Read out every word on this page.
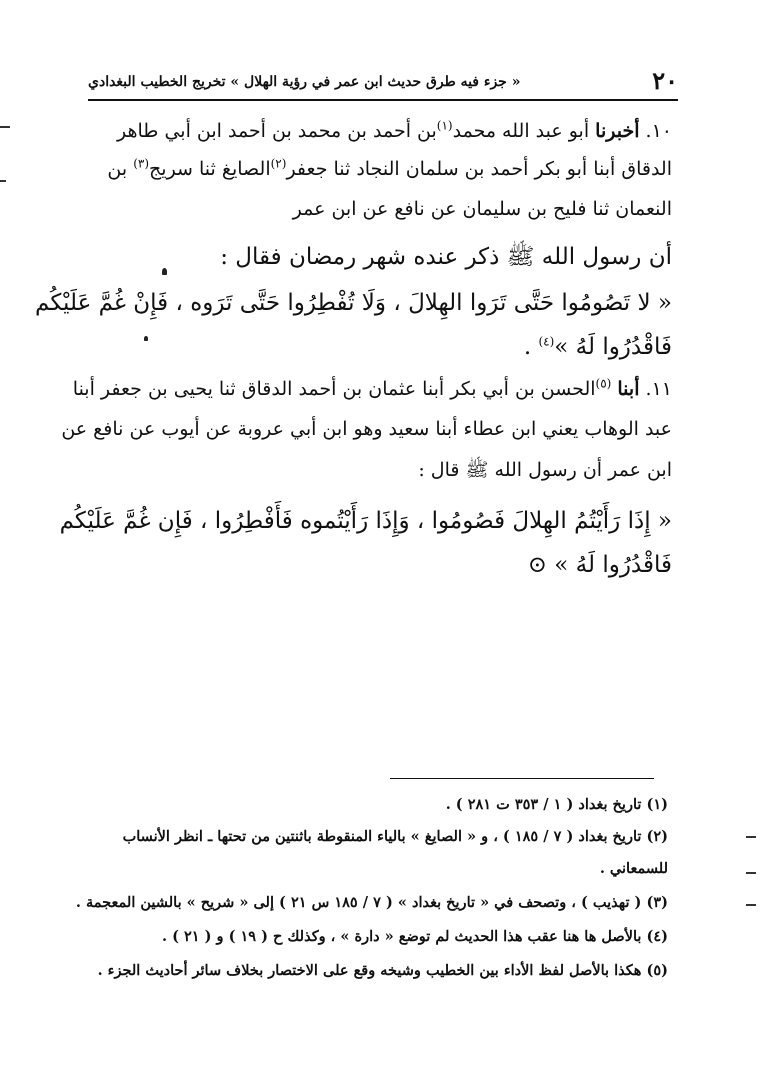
٢٠
« جزء فيه طرق حديث ابن عمر في رؤية الهلال » تخريج الخطيب البغدادي
١٠. أخبرنا أبو عبد الله محمد$^{(١)}$بن أحمد بن محمد بن أحمد ابن أبي طاهر
الدقاق أبنا أبو بكر أحمد بن سلمان النجاد ثنا جعفر$^{(٢)}$الصايغ ثنا سريج$^{(٣)}$ بن
النعمان ثنا فليح بن سليمان عن نافع عن ابن عمر
أن رسول الله ﷺ ذكر عنده شهر رمضان فقال :
« لا تَصُومُوا حَتَّى تَرَوا الهِلالَ ، وَلَا تُفْطِرُوا حَتَّى تَرَوه ، فَإِنْ غُمَّ عَلَيْكُم
فَاقْدُرُوا لَهُ »$^{(٤)}$ .
١١. أبنا $^{(٥)}$الحسن بن أبي بكر أبنا عثمان بن أحمد الدقاق ثنا يحيى بن جعفر أبنا
عبد الوهاب يعني ابن عطاء أبنا سعيد وهو ابن أبي عروبة عن أيوب عن نافع عن
ابن عمر أن رسول الله ﷺ قال :
« إِذَا رَأَيْتُمُ الهِلالَ فَصُومُوا ، وَإِذَا رَأَيْتُموه فَأَفْطِرُوا ، فَإِن غُمَّ عَلَيْكُم
فَاقْدُرُوا لَهُ » ⊙
(١) تاريخ بغداد ( ١ / ٣٥٣ ت ٢٨١ ) .
(٢) تاريخ بغداد ( ٧ / ١٨٥ ) ، و « الصايغ » بالياء المنقوطة باثنتين من تحتها ـ انظر الأنساب
للسمعاني .
(٣) ( تهذيب ) ، وتصحف في « تاريخ بغداد » ( ٧ / ١٨٥ س ٢١ ) إلى « شريح » بالشين المعجمة .
(٤) بالأصل ها هنا عقب هذا الحديث لم توضع « دارة » ، وكذلك ح ( ١٩ ) و ( ٢١ ) .
(٥) هكذا بالأصل لفظ الأداء بين الخطيب وشيخه وقع على الاختصار بخلاف سائر أحاديث الجزء .
